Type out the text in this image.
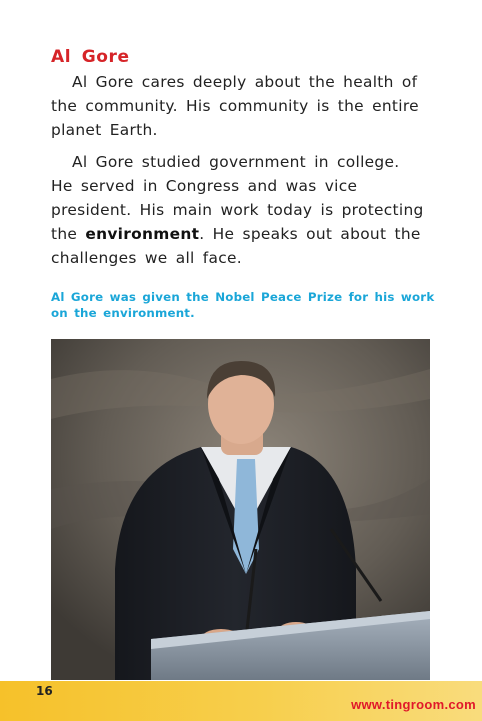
Al Gore
Al Gore cares deeply about the health of
the community. His community is the entire
planet Earth.
Al Gore studied government in college.
He served in Congress and was vice
president. His main work today is protecting
the environment. He speaks out about the
challenges we all face.
Al Gore was given the Nobel Peace Prize for his work
on the environment.
16
www.tingroom.com
